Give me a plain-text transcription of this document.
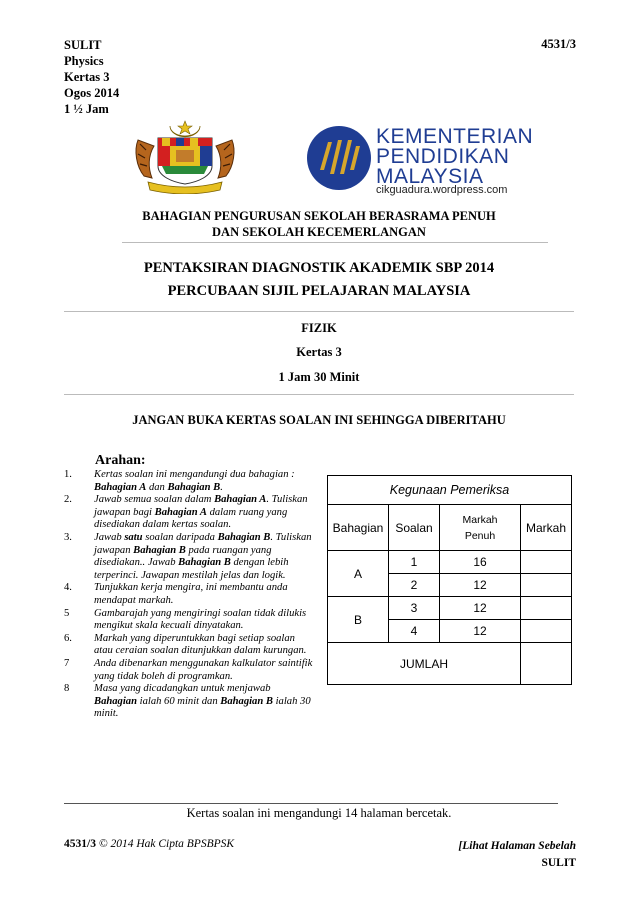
SULIT
Physics
Kertas 3
Ogos 2014
1 ½ Jam
4531/3
KEMENTERIAN
PENDIDIKAN
MALAYSIA
cikguadura.wordpress.com
BAHAGIAN PENGURUSAN SEKOLAH BERASRAMA PENUH
DAN SEKOLAH KECEMERLANGAN
PENTAKSIRAN DIAGNOSTIK AKADEMIK SBP 2014
PERCUBAAN SIJIL PELAJARAN MALAYSIA
FIZIK
Kertas 3
1 Jam 30 Minit
JANGAN BUKA KERTAS SOALAN INI SEHINGGA DIBERITAHU
Arahan:
1. Kertas soalan ini mengandungi dua bahagian : Bahagian A dan Bahagian B.
2. Jawab semua soalan dalam Bahagian A. Tuliskan jawapan bagi Bahagian A dalam ruang yang disediakan dalam kertas soalan.
3. Jawab satu soalan daripada Bahagian B. Tuliskan jawapan Bahagian B pada ruangan yang disediakan.. Jawab Bahagian B dengan lebih terperinci. Jawapan mestilah jelas dan logik.
4. Tunjukkan kerja mengira, ini membantu anda mendapat markah.
5 Gambarajah yang mengiringi soalan tidak dilukis mengikut skala kecuali dinyatakan.
6. Markah yang diperuntukkan bagi setiap soalan atau ceraian soalan ditunjukkan dalam kurungan.
7 Anda dibenarkan menggunakan kalkulator saintifik yang tidak boleh di programkan.
8 Masa yang dicadangkan untuk menjawab Bahagian ialah 60 minit dan Bahagian B ialah 30 minit.
Kegunaan Pemeriksa			
Bahagian	Soalan	Markah Penuh	Markah
A	1	16	
	2	12	
B	3	12	
	4	12	
JUMLAH			
Kertas soalan ini mengandungi 14 halaman bercetak.
4531/3 © 2014 Hak Cipta BPSBPSK	[Lihat Halaman Sebelah
SULIT
